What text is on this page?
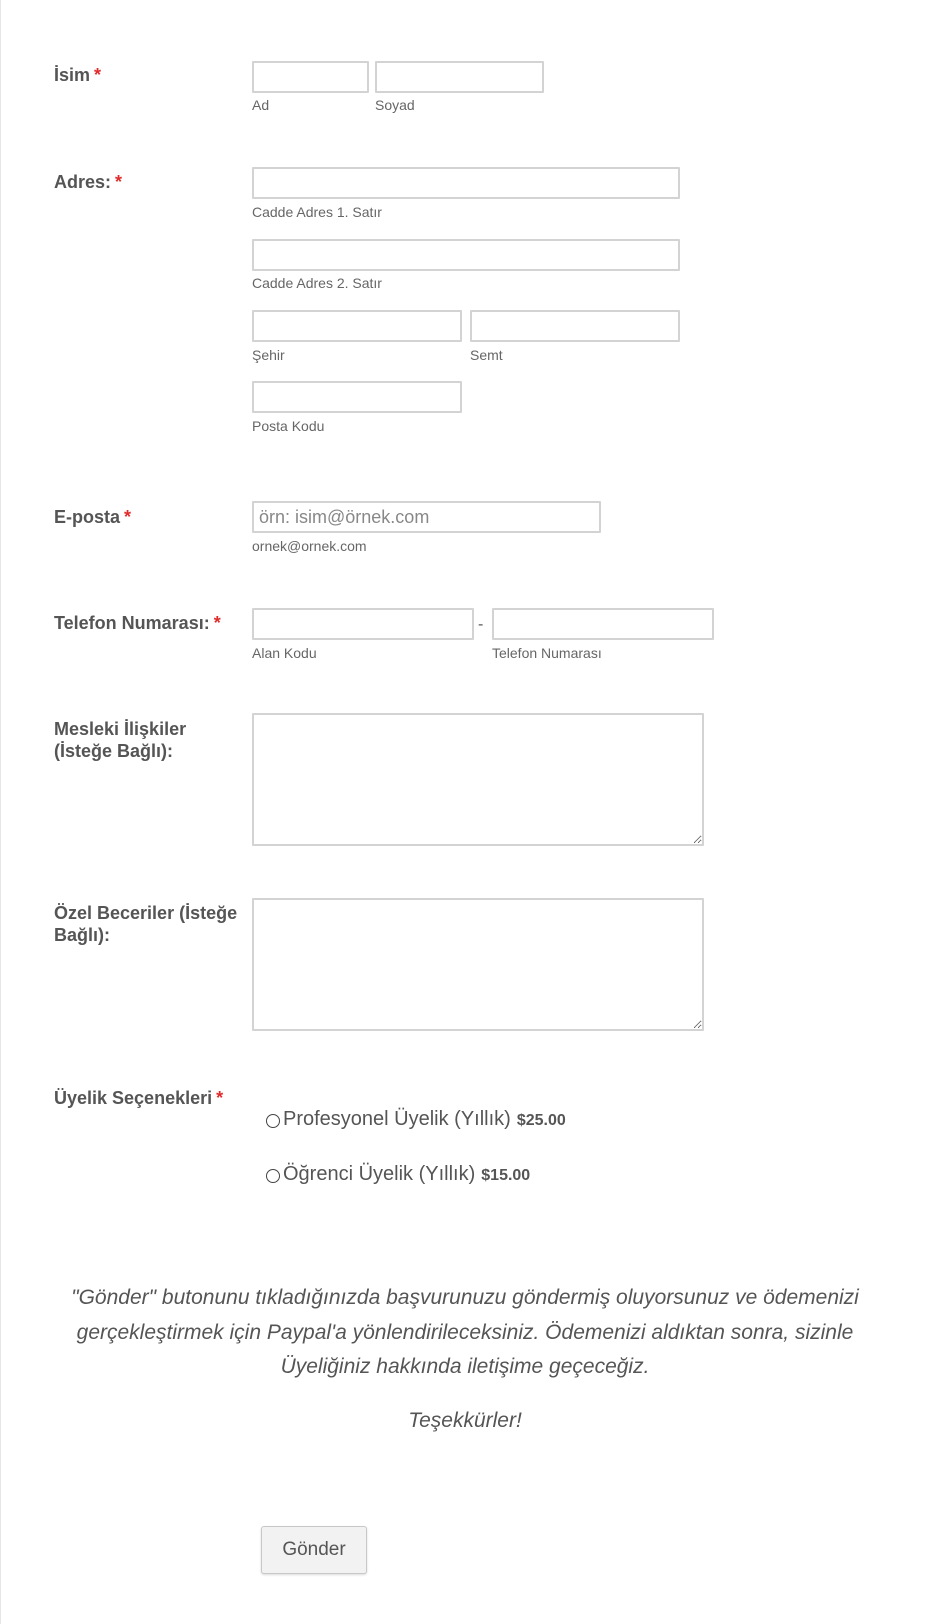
İsim *
Ad	Soyad
Adres: *
Cadde Adres 1. Satır
Cadde Adres 2. Satır
Şehir	Semt
Posta Kodu
E-posta *
örn: isim@örnek.com
ornek@ornek.com
Telefon Numarası: *	-
Alan Kodu	Telefon Numarası
Mesleki İlişkiler
(İsteğe Bağlı):
Özel Beceriler (İsteğe
Bağlı):
Üyelik Seçenekleri *
Profesyonel Üyelik (Yıllık) $25.00
Öğrenci Üyelik (Yıllık) $15.00
"Gönder" butonunu tıkladığınızda başvurunuzu göndermiş oluyorsunuz ve ödemenizi
gerçekleştirmek için Paypal'a yönlendirileceksiniz. Ödemenizi aldıktan sonra, sizinle
Üyeliğiniz hakkında iletişime geçeceğiz.
Teşekkürler!
Gönder
